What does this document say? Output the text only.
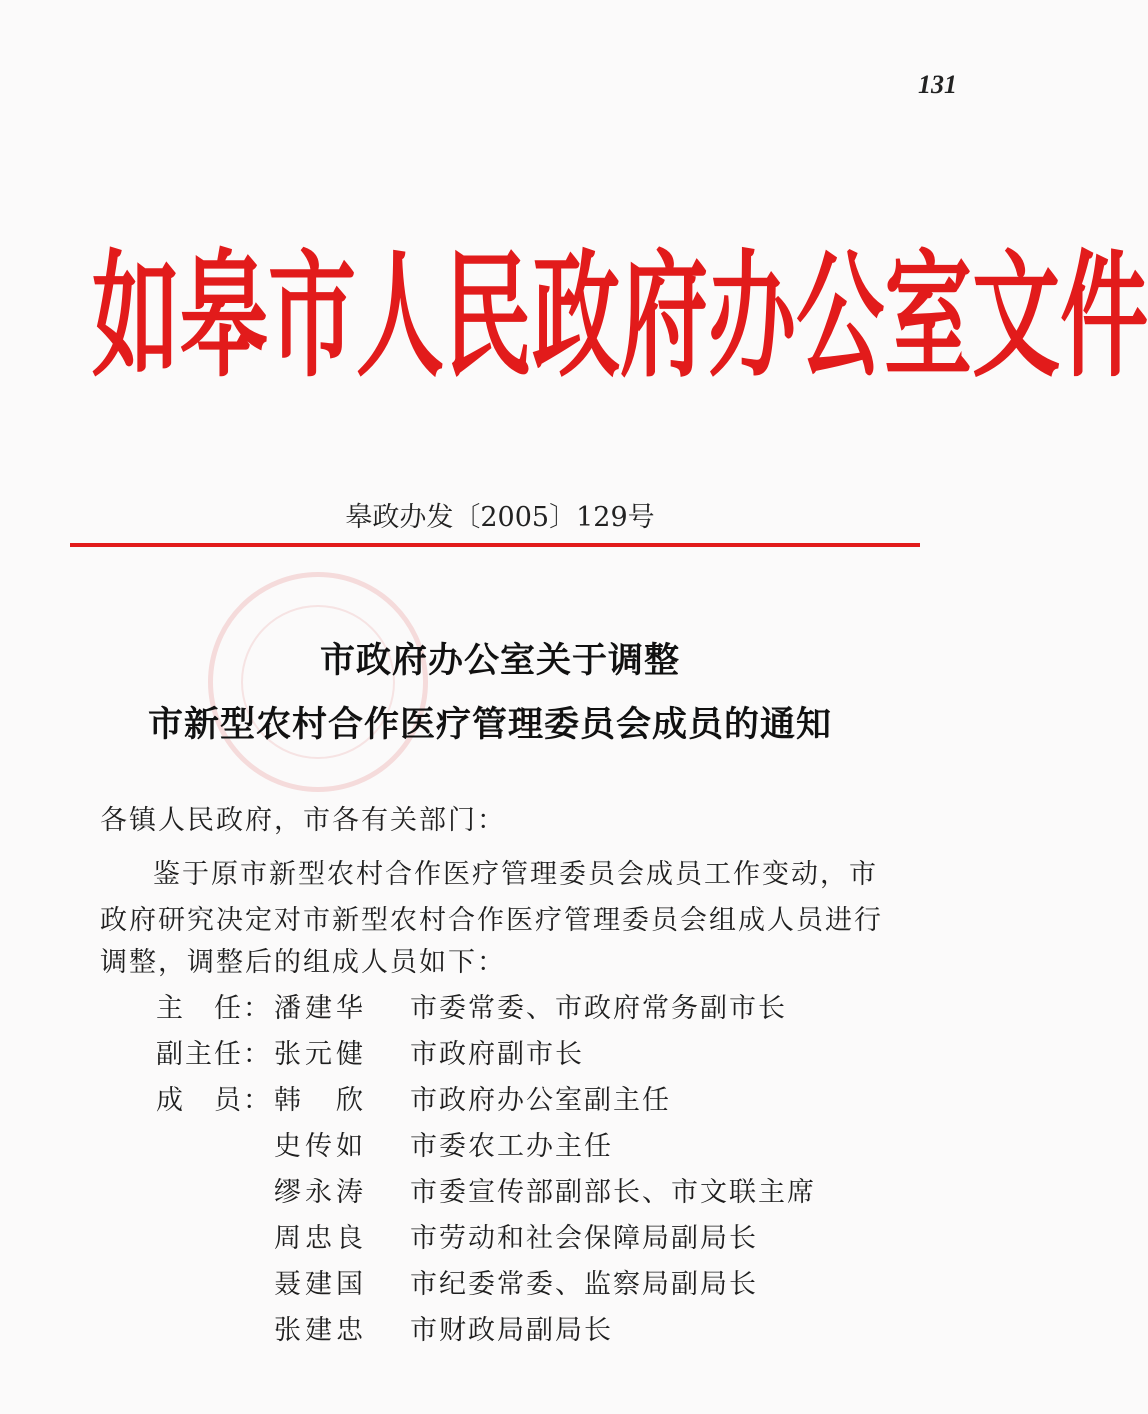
131
如 皋 市 人 民 政 府 办 公 室 文 件
皋政办发〔2005〕129号
市政府办公室关于调整
市新型农村合作医疗管理委员会成员的通知
各镇人民政府，市各有关部门：
鉴于原市新型农村合作医疗管理委员会成员工作变动，市
政府研究决定对市新型农村合作医疗管理委员会组成人员进行
调整，调整后的组成人员如下：
主　任： 潘建华 市委常委、市政府常务副市长
副主任： 张元健 市政府副市长
成　员： 韩　欣 市政府办公室副主任
史传如 市委农工办主任
缪永涛 市委宣传部副部长、市文联主席
周忠良 市劳动和社会保障局副局长
聂建国 市纪委常委、监察局副局长
张建忠 市财政局副局长
